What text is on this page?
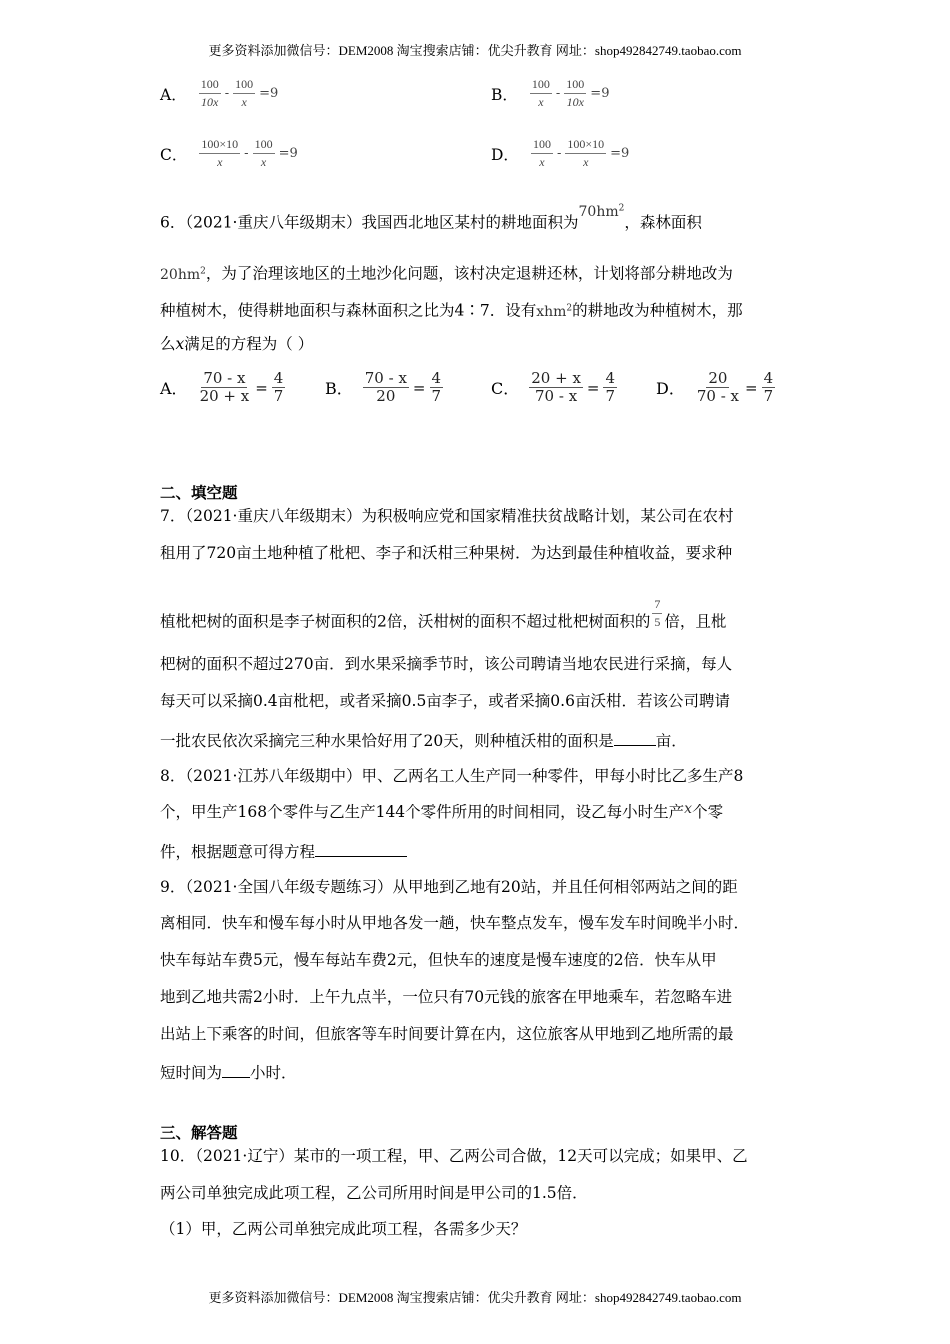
更多资料添加微信号：DEM2008 淘宝搜索店铺：优尖升教育 网址：shop492842749.taobao.com
A． $\frac{100}{10x} - \frac{100}{x} =9$	B． $\frac{100}{x} - \frac{100}{10x} =9$
C． $\frac{100\times 10}{x} - \frac{100}{x} =9$	D． $\frac{100}{x} - \frac{100\times 10}{x} =9$
6．（2021·重庆八年级期末）我国西北地区某村的耕地面积为$70hm^2$，森林面积
$20hm^2$，为了治理该地区的土地沙化问题，该村决定退耕还林，计划将部分耕地改为
种植树木，使得耕地面积与森林面积之比为4∶7．设有xhm$^2$的耕地改为种植树木，那
么x满足的方程为（ ）
A． $\frac{70 - x}{20 + x} = \frac{4}{7}$ B． $\frac{70 - x}{20} = \frac{4}{7}$	C． $\frac{20 + x}{70 - x} = \frac{4}{7}$ D． $\frac{20}{70 - x} = \frac{4}{7}$
二、填空题
7．（2021·重庆八年级期末）为积极响应党和国家精准扶贫战略计划，某公司在农村
租用了720亩土地种植了枇杷、李子和沃柑三种果树．为达到最佳种植收益，要求种
植枇杷树的面积是李子树面积的2倍，沃柑树的面积不超过枇杷树面积的 $\frac{7}{5}$ 倍，且枇
杷树的面积不超过270亩．到水果采摘季节时，该公司聘请当地农民进行采摘，每人
每天可以采摘0.4亩枇杷，或者采摘0.5亩李子，或者采摘0.6亩沃柑．若该公司聘请
一批农民依次采摘完三种水果恰好用了20天，则种植沃柑的面积是	亩．
8．（2021·江苏八年级期中）甲、乙两名工人生产同一种零件，甲每小时比乙多生产8
个，甲生产168个零件与乙生产144个零件所用的时间相同，设乙每小时生产x个零
件，根据题意可得方程
9．（2021·全国八年级专题练习）从甲地到乙地有20站，并且任何相邻两站之间的距
离相同．快车和慢车每小时从甲地各发一趟，快车整点发车，慢车发车时间晚半小时．
快车每站车费5元，慢车每站车费2元，但快车的速度是慢车速度的2倍．快车从甲
地到乙地共需2小时．上午九点半，一位只有70元钱的旅客在甲地乘车，若忽略车进
出站上下乘客的时间，但旅客等车时间要计算在内，这位旅客从甲地到乙地所需的最
短时间为 小时．
三、解答题
10．（2021·辽宁）某市的一项工程，甲、乙两公司合做，12天可以完成；如果甲、乙
两公司单独完成此项工程，乙公司所用时间是甲公司的1.5倍．
（1）甲，乙两公司单独完成此项工程，各需多少天？
更多资料添加微信号：DEM2008 淘宝搜索店铺：优尖升教育 网址：shop492842749.taobao.com
